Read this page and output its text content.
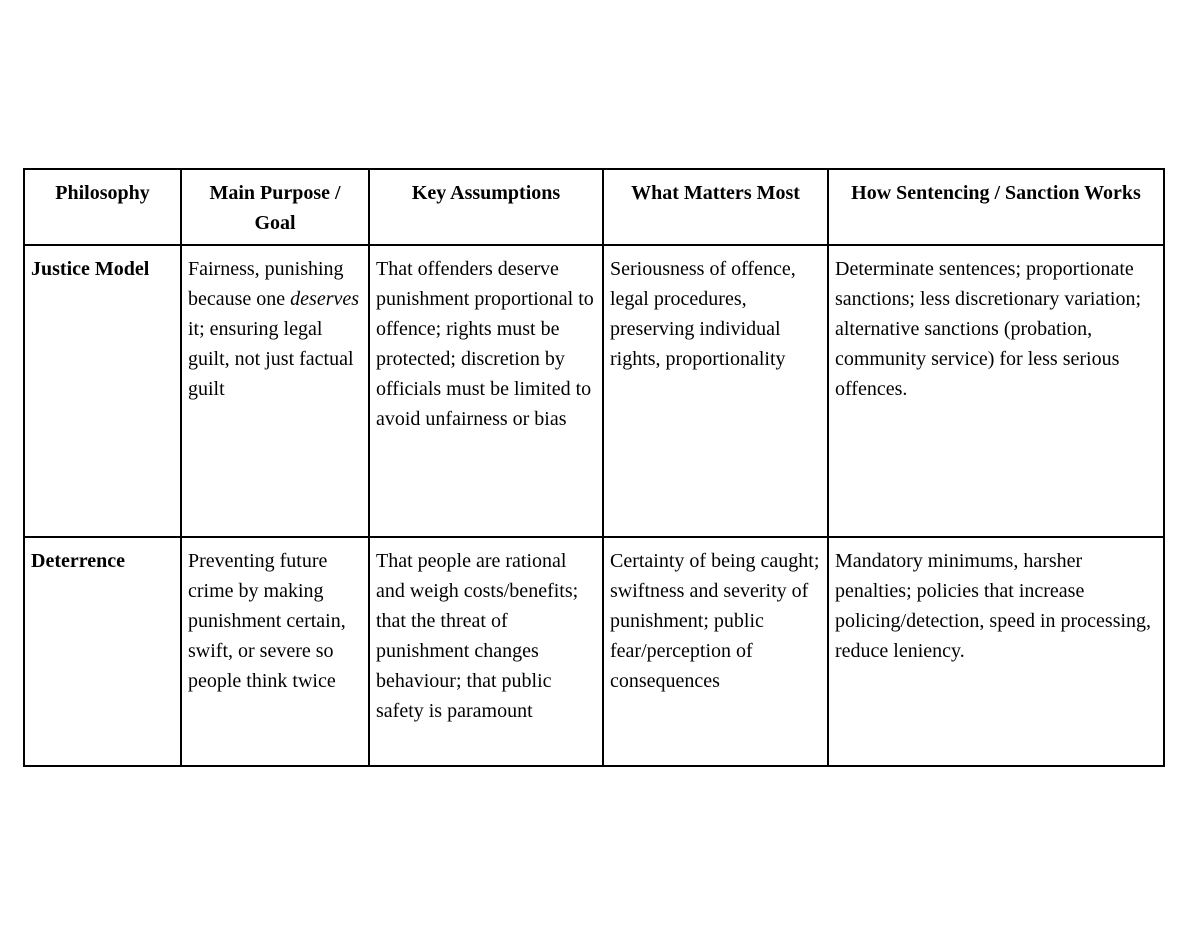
Philosophy	Main Purpose / Goal	Key Assumptions	What Matters Most	How Sentencing / Sanction Works
Justice Model	Fairness, punishing because one deserves it; ensuring legal guilt, not just factual guilt	That offenders deserve punishment proportional to offence; rights must be protected; discretion by officials must be limited to avoid unfairness or bias	Seriousness of offence, legal procedures, preserving individual rights, proportionality	Determinate sentences; proportionate sanctions; less discretionary variation; alternative sanctions (probation, community service) for less serious offences.
Deterrence	Preventing future crime by making punishment certain, swift, or severe so people think twice	That people are rational and weigh costs/benefits; that the threat of punishment changes behaviour; that public safety is paramount	Certainty of being caught; swiftness and severity of punishment; public fear/perception of consequences	Mandatory minimums, harsher penalties; policies that increase policing/detection, speed in processing, reduce leniency.
